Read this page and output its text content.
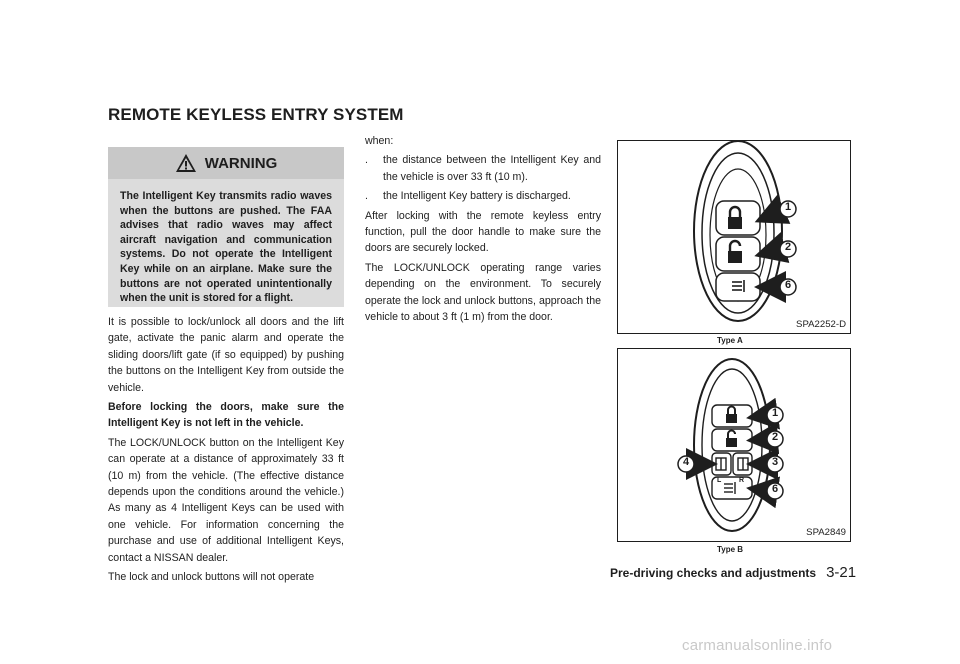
REMOTE KEYLESS ENTRY SYSTEM
WARNING
The Intelligent Key transmits radio waves when the buttons are pushed. The FAA advises that radio waves may affect aircraft navigation and communication systems. Do not operate the Intelligent Key while on an airplane. Make sure the buttons are not operated unintentionally when the unit is stored for a flight.

It is possible to lock/unlock all doors and the lift gate, activate the panic alarm and operate the sliding doors/lift gate (if so equipped) by pushing the buttons on the Intelligent Key from outside the vehicle.

Before locking the doors, make sure the Intelligent Key is not left in the vehicle.

The LOCK/UNLOCK button on the Intelligent Key can operate at a distance of approximately 33 ft (10 m) from the vehicle. (The effective distance depends upon the conditions around the vehicle.) As many as 4 Intelligent Keys can be used with one vehicle. For information concerning the purchase and use of additional Intelligent Keys, contact a NISSAN dealer.

The lock and unlock buttons will not operate

when:

.	the distance between the Intelligent Key and the vehicle is over 33 ft (10 m).
.	the Intelligent Key battery is discharged.

After locking with the remote keyless entry function, pull the door handle to make sure the doors are securely locked.

The LOCK/UNLOCK operating range varies depending on the environment. To securely operate the lock and unlock buttons, approach the vehicle to about 3 ft (1 m) from the door.

1
2
6
SPA2252-D
Type A
1
2
3
4
6
L	R
SPA2849
Type B
Pre-driving checks and adjustments 3-21
carmanualsonline.info
